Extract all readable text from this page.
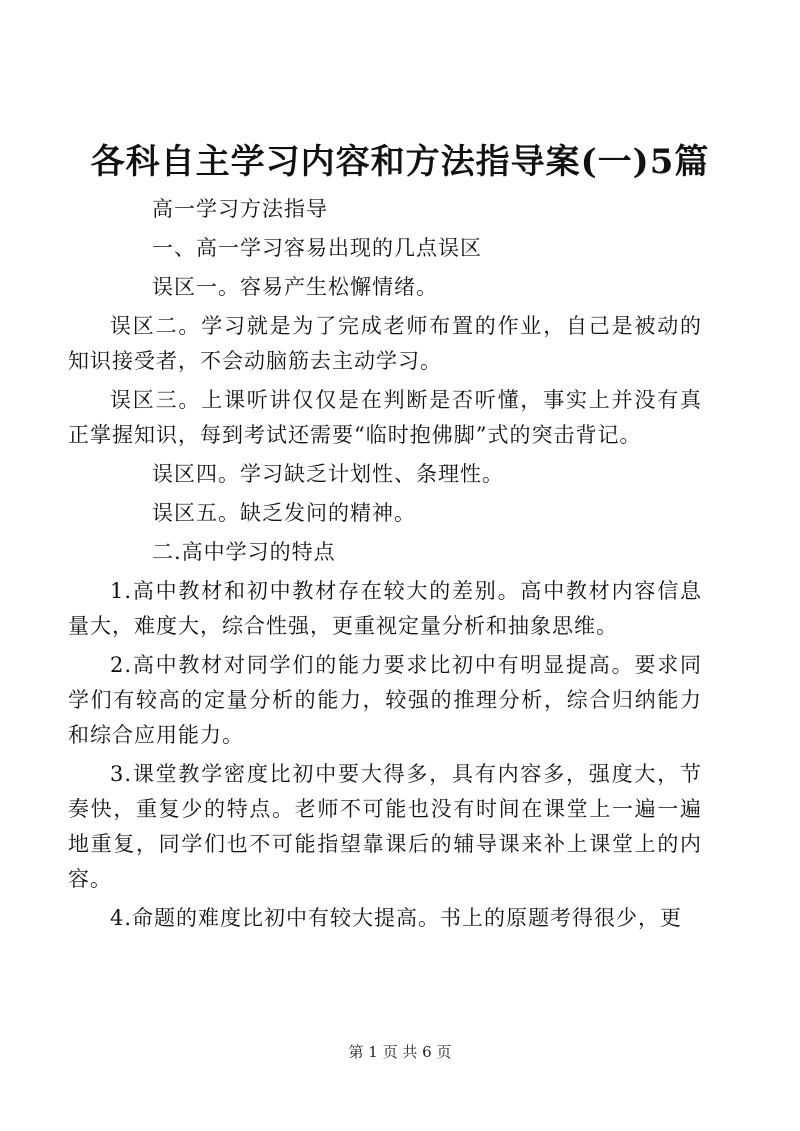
各科自主学习内容和方法指导案(一)5篇

高一学习方法指导

一、高一学习容易出现的几点误区

误区一。容易产生松懈情绪。

误区二。学习就是为了完成老师布置的作业，自己是被动的知识接受者，不会动脑筋去主动学习。

误区三。上课听讲仅仅是在判断是否听懂，事实上并没有真正掌握知识，每到考试还需要“临时抱佛脚”式的突击背记。

误区四。学习缺乏计划性、条理性。

误区五。缺乏发问的精神。

二.高中学习的特点

1.高中教材和初中教材存在较大的差别。高中教材内容信息量大，难度大，综合性强，更重视定量分析和抽象思维。

2.高中教材对同学们的能力要求比初中有明显提高。要求同学们有较高的定量分析的能力，较强的推理分析，综合归纳能力和综合应用能力。

3.课堂教学密度比初中要大得多，具有内容多，强度大，节奏快，重复少的特点。老师不可能也没有时间在课堂上一遍一遍地重复，同学们也不可能指望靠课后的辅导课来补上课堂上的内容。

4.命题的难度比初中有较大提高。书上的原题考得很少，更

第 1 页 共 6 页
